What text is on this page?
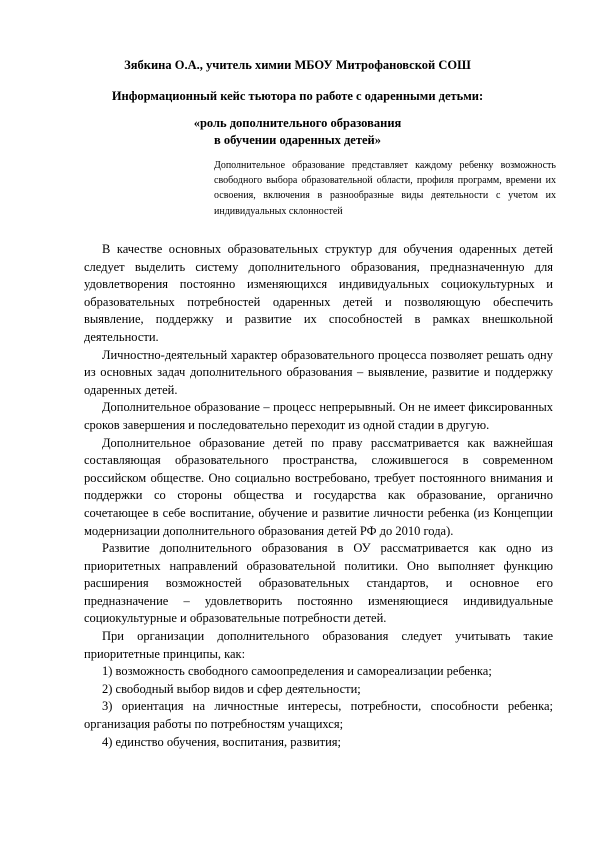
Зябкина О.А., учитель химии МБОУ Митрофановской СОШ

Информационный кейс тьютора по работе с одаренными детьми:

«роль дополнительного образования

в обучении одаренных детей»

Дополнительное образование представляет каждому ребенку возможность свободного выбора образовательной области, профиля программ, времени их освоения, включения в разнообразные виды деятельности с учетом их индивидуальных склонностей

В качестве основных образовательных структур для обучения одаренных детей следует выделить систему дополнительного образования, предназначенную для удовлетворения постоянно изменяющихся индивидуальных социокультурных и образовательных потребностей одаренных детей и позволяющую обеспечить выявление, поддержку и развитие их способностей в рамках внешкольной деятельности.

Личностно-деятельный характер образовательного процесса позволяет решать одну из основных задач дополнительного образования – выявление, развитие и поддержку одаренных детей.

Дополнительное образование – процесс непрерывный. Он не имеет фиксированных сроков завершения и последовательно переходит из одной стадии в другую.

Дополнительное образование детей по праву рассматривается как важнейшая составляющая образовательного пространства, сложившегося в современном российском обществе. Оно социально востребовано, требует постоянного внимания и поддержки со стороны общества и государства как образование, органично сочетающее в себе воспитание, обучение и развитие личности ребенка (из Концепции модернизации дополнительного образования детей РФ до 2010 года).

Развитие дополнительного образования в ОУ рассматривается как одно из приоритетных направлений образовательной политики. Оно выполняет функцию расширения возможностей образовательных стандартов, и основное его предназначение – удовлетворить постоянно изменяющиеся индивидуальные социокультурные и образовательные потребности детей.

При организации дополнительного образования следует учитывать такие приоритетные принципы, как:

1) возможность свободного самоопределения и самореализации ребенка;

2) свободный выбор видов и сфер деятельности;

3) ориентация на личностные интересы, потребности, способности ребенка; организация работы по потребностям учащихся;

4) единство обучения, воспитания, развития;
